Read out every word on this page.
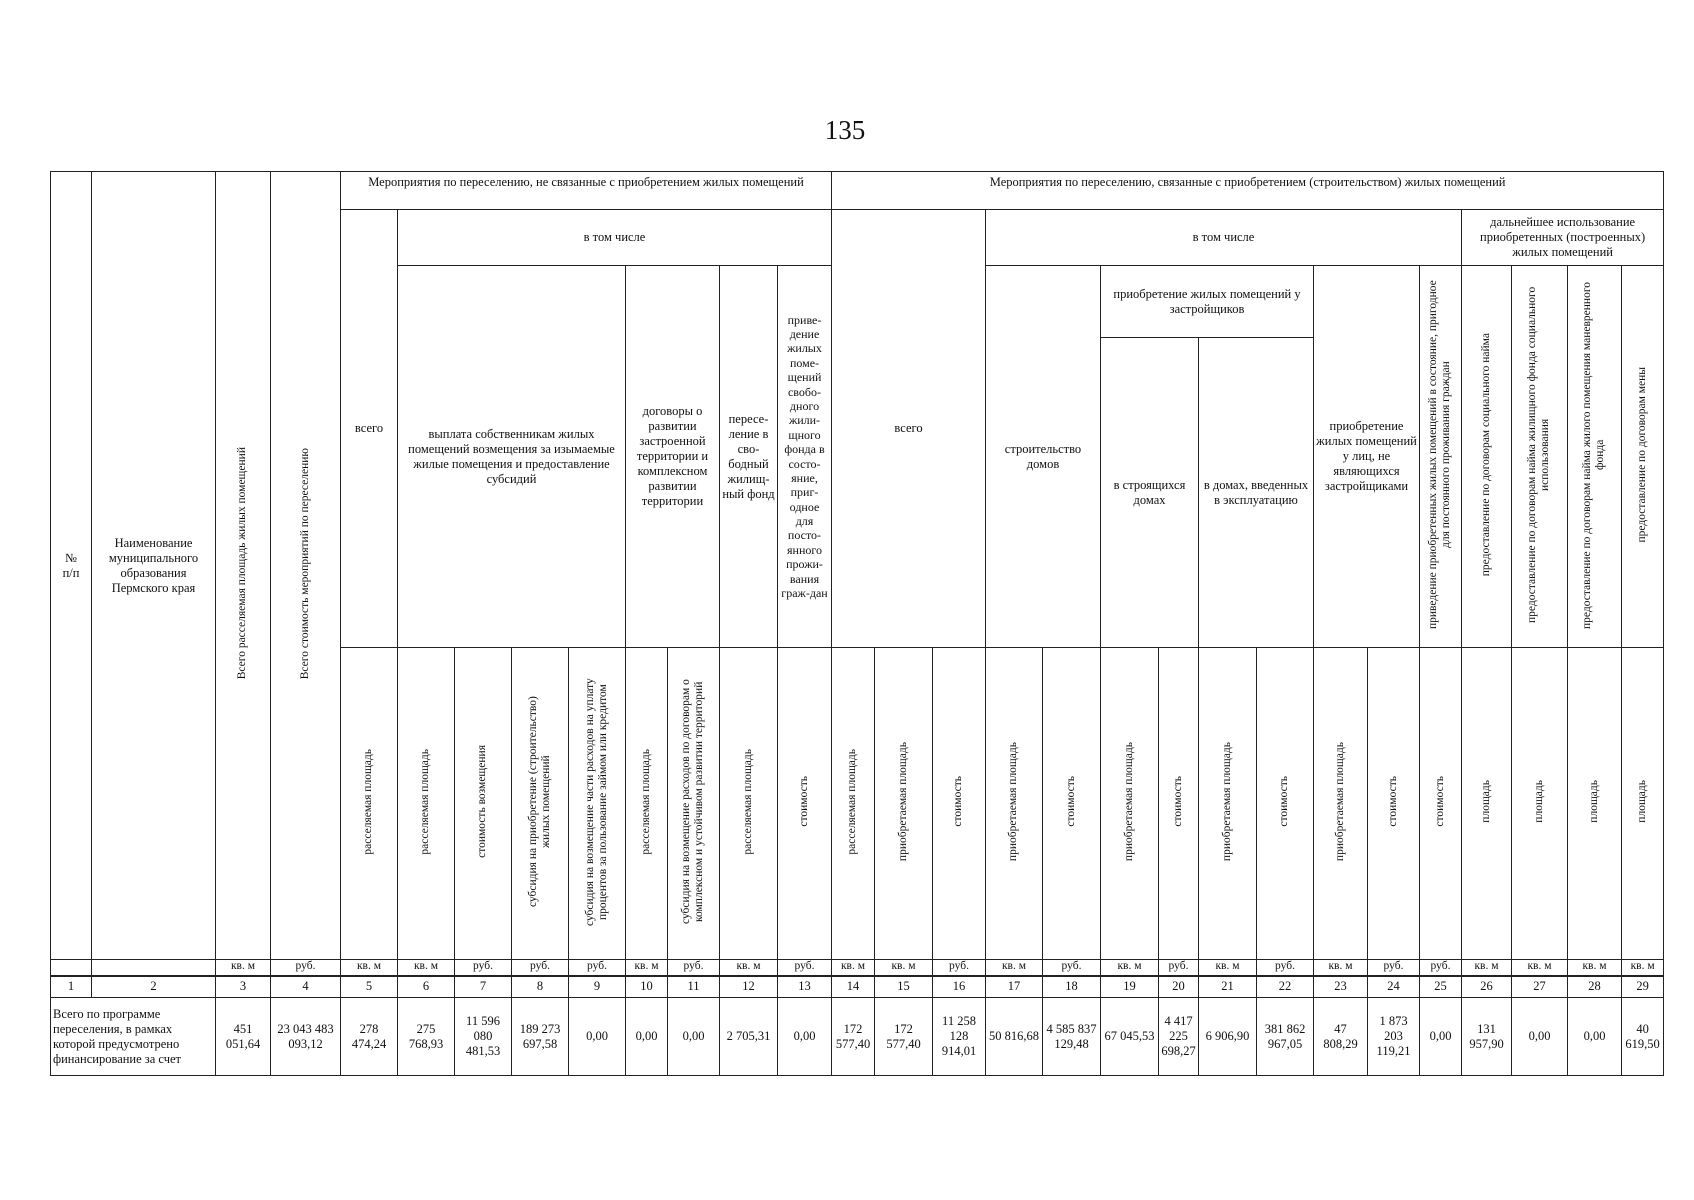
135
№
п/п	Наименование муниципального образования Пермского края	Всего расселяемая площадь жилых помещений	Всего стоимость мероприятий по переселению	Мероприятия по переселению, не связанные с приобретением жилых помещений									Мероприятия по переселению, связанные с приобретением (строительством) жилых помещений															
				всего	в том числе								всего			в том числе									дальнейшее использование приобретенных (построенных) жилых помещений			
					выплата собственникам жилых помещений возмещения за изымаемые жилые помещения и предоставление субсидий				договоры о развитии застроенной территории и комплексном развитии территории		пересе-ление в сво-бодный жилищ-ный фонд	приве-дение жилых поме-щений свобо-дного жили-щного фонда в состо-яние, приг-одное для посто-янного прожи-вания граж-дан				строительство домов		приобретение жилых помещений у застройщиков				приобретение жилых помещений у лиц, не являющихся застройщиками		приведение приобретенных жилых помещений в состояние, пригодное для постоянного проживания граждан	предоставление по договорам социального найма	предоставление по договорам найма жилищного фонда социального использования	предоставление по договорам найма жилого помещения маневренного фонда	предоставление по договорам мены
																		в строящихся домах		в домах, введенных в эксплуатацию								
				расселяемая площадь	расселяемая площадь	стоимость возмещения	субсидия на приобретение (строительство) жилых помещений	субсидия на возмещение части расходов на уплату процентов за пользование займом или кредитом	расселяемая площадь	субсидия на возмещение расходов по договорам о комплексном и устойчивом развитии территорий	расселяемая площадь	стоимость	расселяемая площадь	приобретаемая площадь	стоимость	приобретаемая площадь	стоимость	приобретаемая площадь	стоимость	приобретаемая площадь	стоимость	приобретаемая площадь	стоимость	стоимость	площадь	площадь	площадь	площадь
		кв. м	руб.	кв. м	кв. м	руб.	руб.	руб.	кв. м	руб.	кв. м	руб.	кв. м	кв. м	руб.	кв. м	руб.	кв. м	руб.	кв. м	руб.	кв. м	руб.	руб.	кв. м	кв. м	кв. м	кв. м
1	2	3	4	5	6	7	8	9	10	11	12	13	14	15	16	17	18	19	20	21	22	23	24	25	26	27	28	29
Всего по программе переселения, в рамках которой предусмотрено финансирование за счет		451 051,64	23 043 483 093,12	278 474,24	275 768,93	11 596 080 481,53	189 273 697,58	0,00	0,00	0,00	2 705,31	0,00	172 577,40	172 577,40	11 258 128 914,01	50 816,68	4 585 837 129,48	67 045,53	4 417 225 698,27	6 906,90	381 862 967,05	47 808,29	1 873 203 119,21	0,00	131 957,90	0,00	0,00	40 619,50
